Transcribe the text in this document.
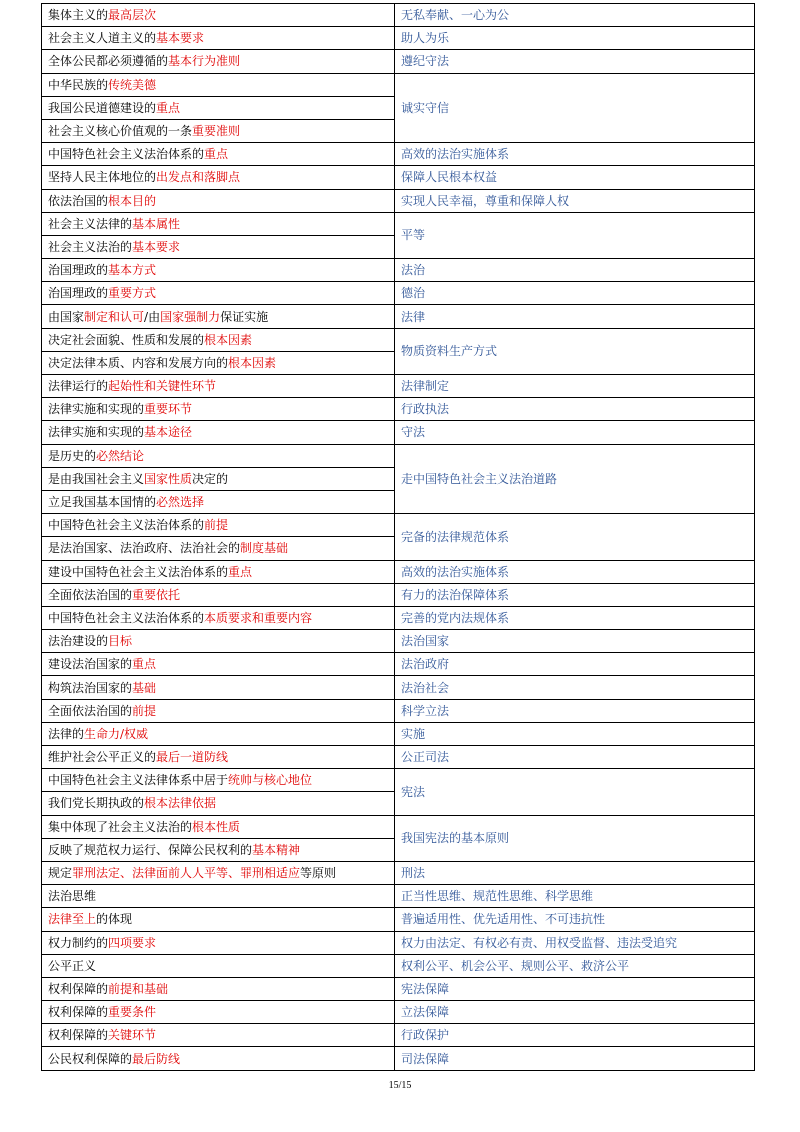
集体主义的最高层次	无私奉献、一心为公
社会主义人道主义的基本要求	助人为乐
全体公民都必须遵循的基本行为准则	遵纪守法
中华民族的传统美德	诚实守信
我国公民道德建设的重点	
社会主义核心价值观的一条重要准则	
中国特色社会主义法治体系的重点	高效的法治实施体系
坚持人民主体地位的出发点和落脚点	保障人民根本权益
依法治国的根本目的	实现人民幸福，尊重和保障人权
社会主义法律的基本属性	平等
社会主义法治的基本要求	
治国理政的基本方式	法治
治国理政的重要方式	德治
由国家制定和认可/由国家强制力保证实施	法律
决定社会面貌、性质和发展的根本因素	物质资料生产方式
决定法律本质、内容和发展方向的根本因素	
法律运行的起始性和关键性环节	法律制定
法律实施和实现的重要环节	行政执法
法律实施和实现的基本途径	守法
是历史的必然结论	走中国特色社会主义法治道路
是由我国社会主义国家性质决定的	
立足我国基本国情的必然选择	
中国特色社会主义法治体系的前提	完备的法律规范体系
是法治国家、法治政府、法治社会的制度基础	
建设中国特色社会主义法治体系的重点	高效的法治实施体系
全面依法治国的重要依托	有力的法治保障体系
中国特色社会主义法治体系的本质要求和重要内容	完善的党内法规体系
法治建设的目标	法治国家
建设法治国家的重点	法治政府
构筑法治国家的基础	法治社会
全面依法治国的前提	科学立法
法律的生命力/权威	实施
维护社会公平正义的最后一道防线	公正司法
中国特色社会主义法律体系中居于统帅与核心地位	宪法
我们党长期执政的根本法律依据	
集中体现了社会主义法治的根本性质	我国宪法的基本原则
反映了规范权力运行、保障公民权利的基本精神	
规定罪刑法定、法律面前人人平等、罪刑相适应等原则	刑法
法治思维	正当性思维、规范性思维、科学思维
法律至上的体现	普遍适用性、优先适用性、不可违抗性
权力制约的四项要求	权力由法定、有权必有责、用权受监督、违法受追究
公平正义	权利公平、机会公平、规则公平、救济公平
权利保障的前提和基础	宪法保障
权利保障的重要条件	立法保障
权利保障的关键环节	行政保护
公民权利保障的最后防线	司法保障
15/15
